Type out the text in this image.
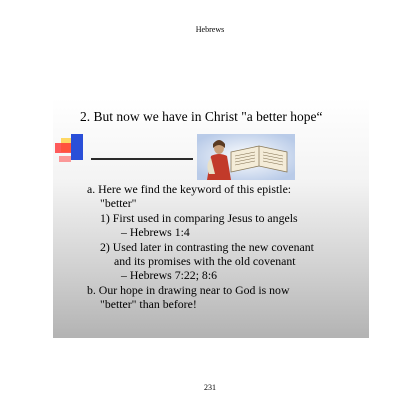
Hebrews
2. But now we have in Christ "a better hope“
a. Here we find the keyword of this epistle:
"better"
1) First used in comparing Jesus to angels
– Hebrews 1:4
2) Used later in contrasting the new covenant
and its promises with the old covenant
– Hebrews 7:22; 8:6
b. Our hope in drawing near to God is now
"better" than before!
231
